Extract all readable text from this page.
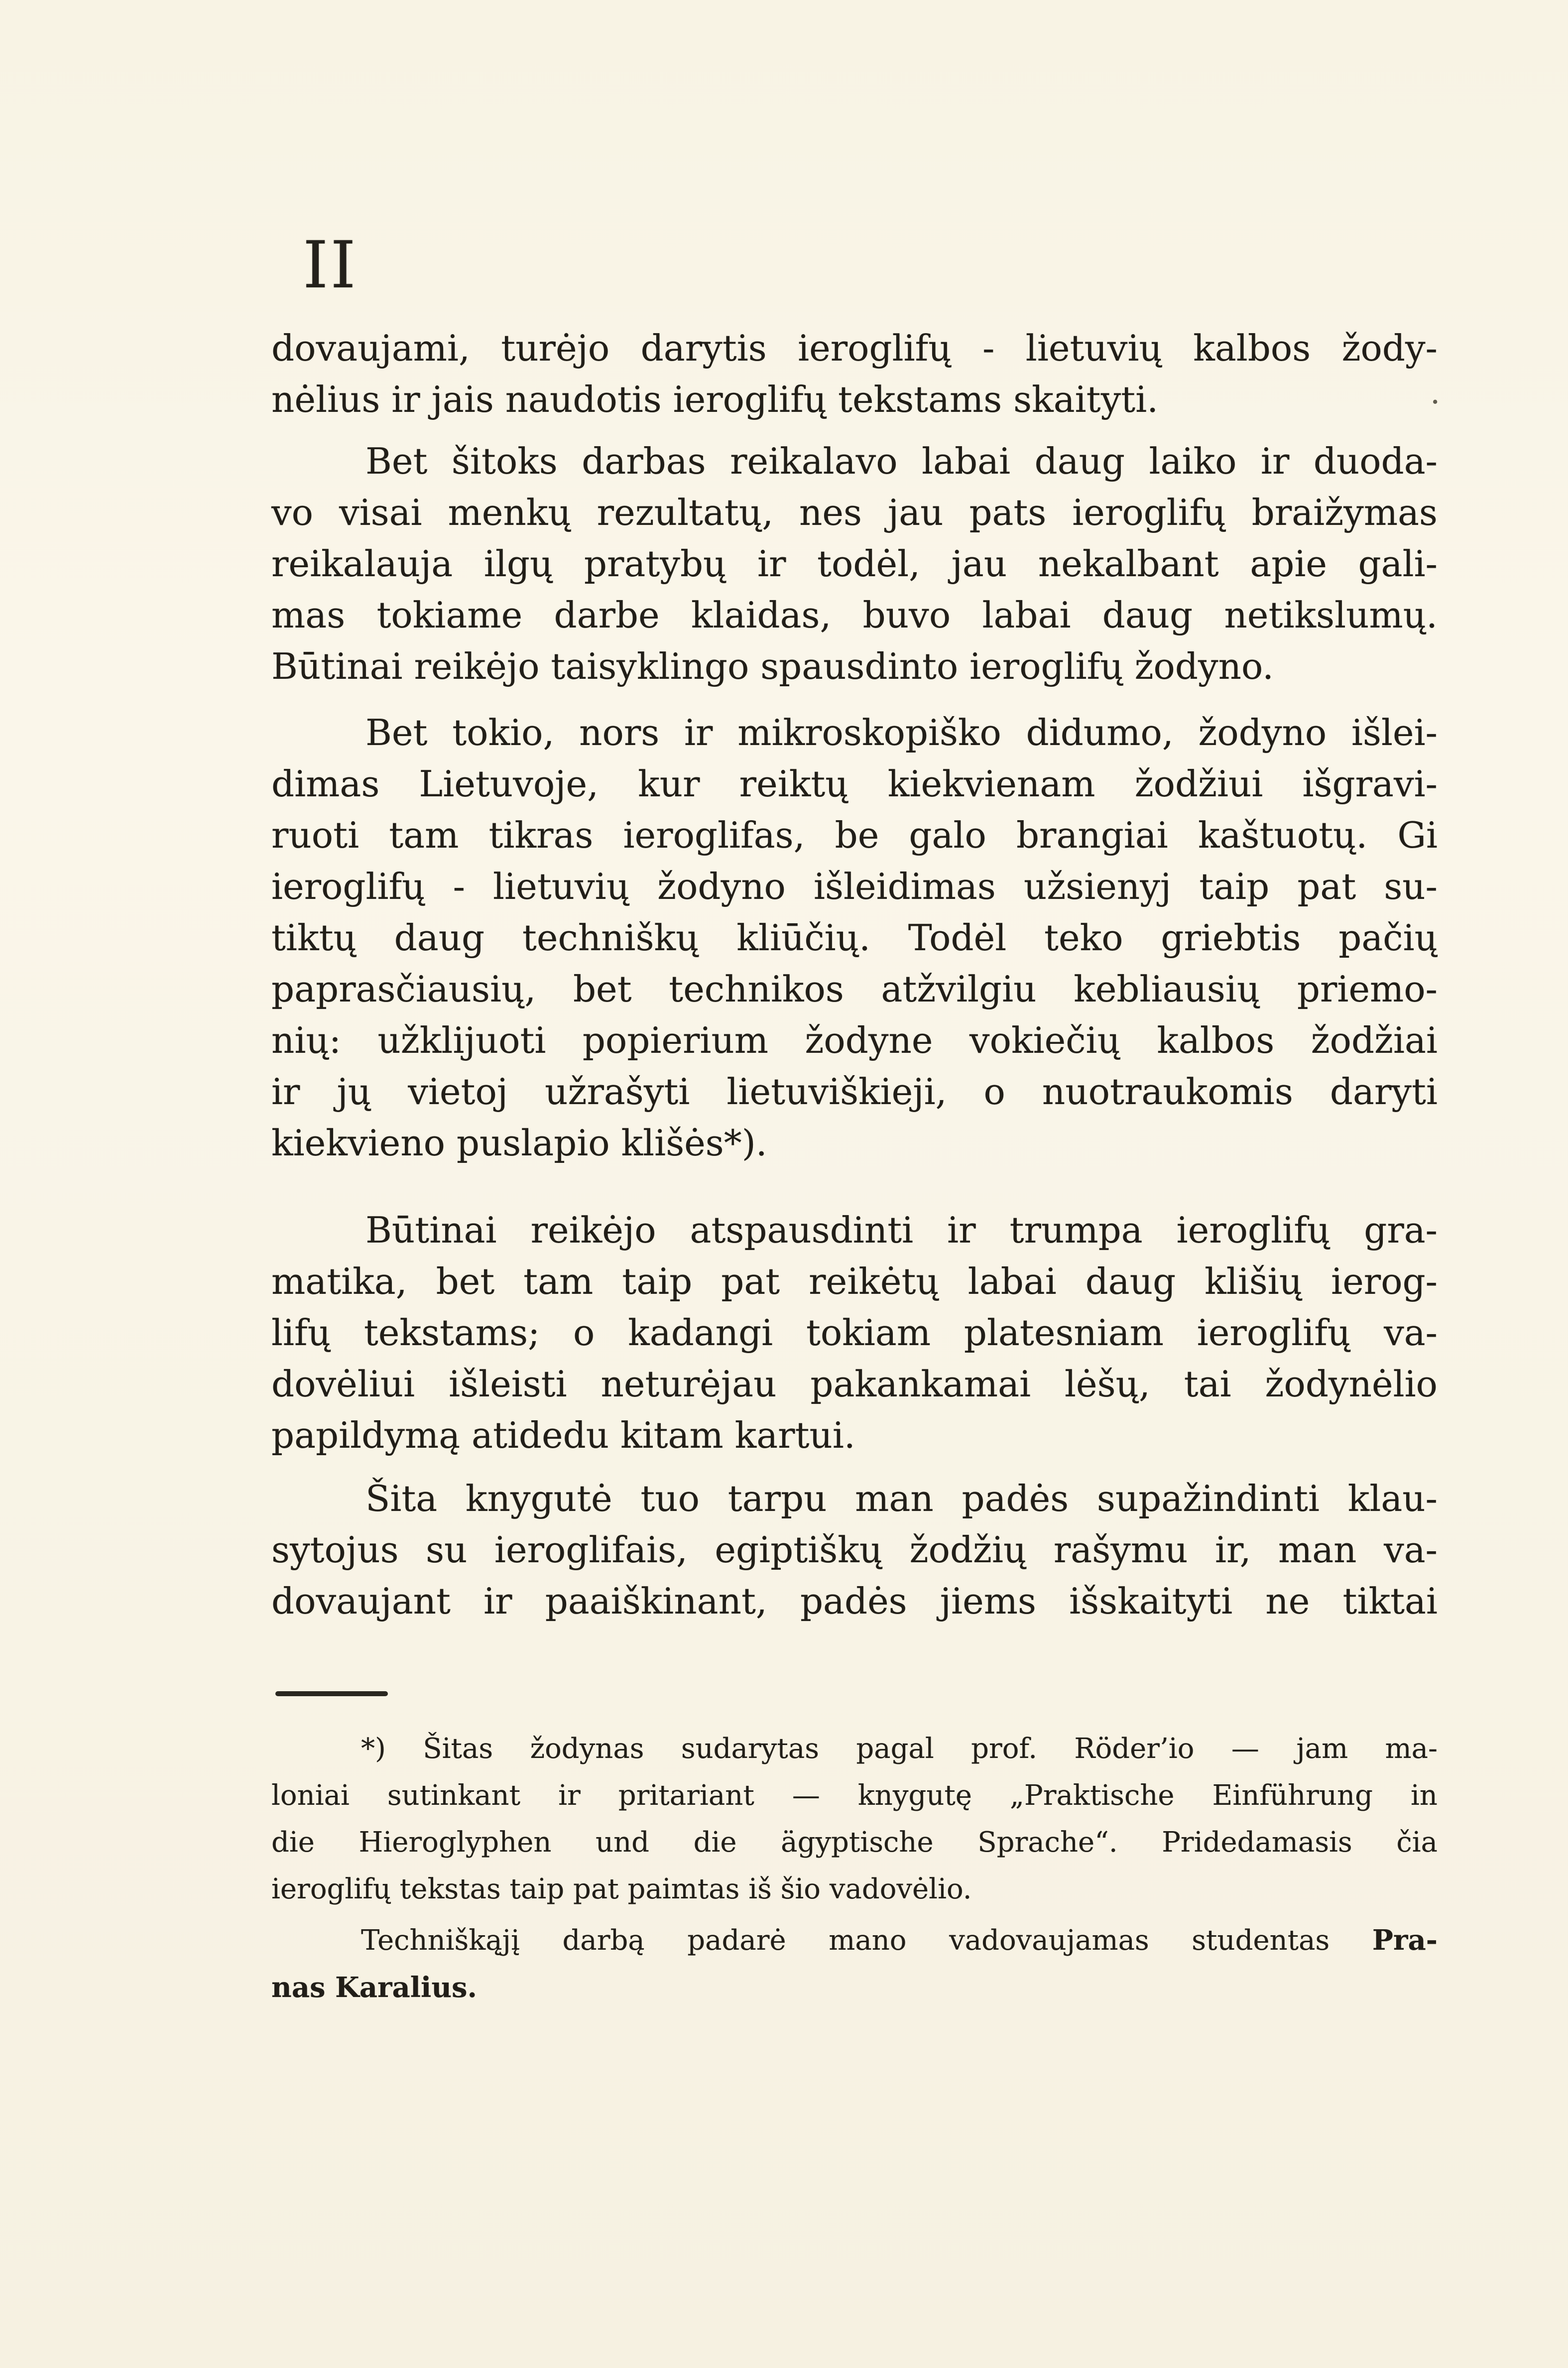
II
.

dovaujami, turėjo darytis ieroglifų - lietuvių kalbos žody-
nėlius ir jais naudotis ieroglifų tekstams skaityti.

Bet šitoks darbas reikalavo labai daug laiko ir duoda-
vo visai menkų rezultatų, nes jau pats ieroglifų braižymas
reikalauja ilgų pratybų ir todėl, jau nekalbant apie gali-
mas tokiame darbe klaidas, buvo labai daug netikslumų.
Būtinai reikėjo taisyklingo spausdinto ieroglifų žodyno.

Bet tokio, nors ir mikroskopiško didumo, žodyno išlei-
dimas Lietuvoje, kur reiktų kiekvienam žodžiui išgravi-
ruoti tam tikras ieroglifas, be galo brangiai kaštuotų. Gi
ieroglifų - lietuvių žodyno išleidimas užsienyj taip pat su-
tiktų daug techniškų kliūčių. Todėl teko griebtis pačių
paprasčiausių, bet technikos atžvilgiu kebliausių priemo-
nių: užklijuoti popierium žodyne vokiečių kalbos žodžiai
ir jų vietoj užrašyti lietuviškieji, o nuotraukomis daryti
kiekvieno puslapio klišės*).

Būtinai reikėjo atspausdinti ir trumpa ieroglifų gra-
matika, bet tam taip pat reikėtų labai daug klišių ierog-
lifų tekstams; o kadangi tokiam platesniam ieroglifų va-
dovėliui išleisti neturėjau pakankamai lėšų, tai žodynėlio
papildymą atidedu kitam kartui.

Šita knygutė tuo tarpu man padės supažindinti klau-
sytojus su ieroglifais, egiptiškų žodžių rašymu ir, man va-
dovaujant ir paaiškinant, padės jiems išskaityti ne tiktai

*) Šitas žodynas sudarytas pagal prof. Röder’io — jam ma-
loniai sutinkant ir pritariant — knygutę „Praktische Einführung in
die Hieroglyphen und die ägyptische Sprache“. Pridedamasis čia
ieroglifų tekstas taip pat paimtas iš šio vadovėlio.

Techniškąjį darbą padarė mano vadovaujamas studentas Pra-
nas Karalius.
